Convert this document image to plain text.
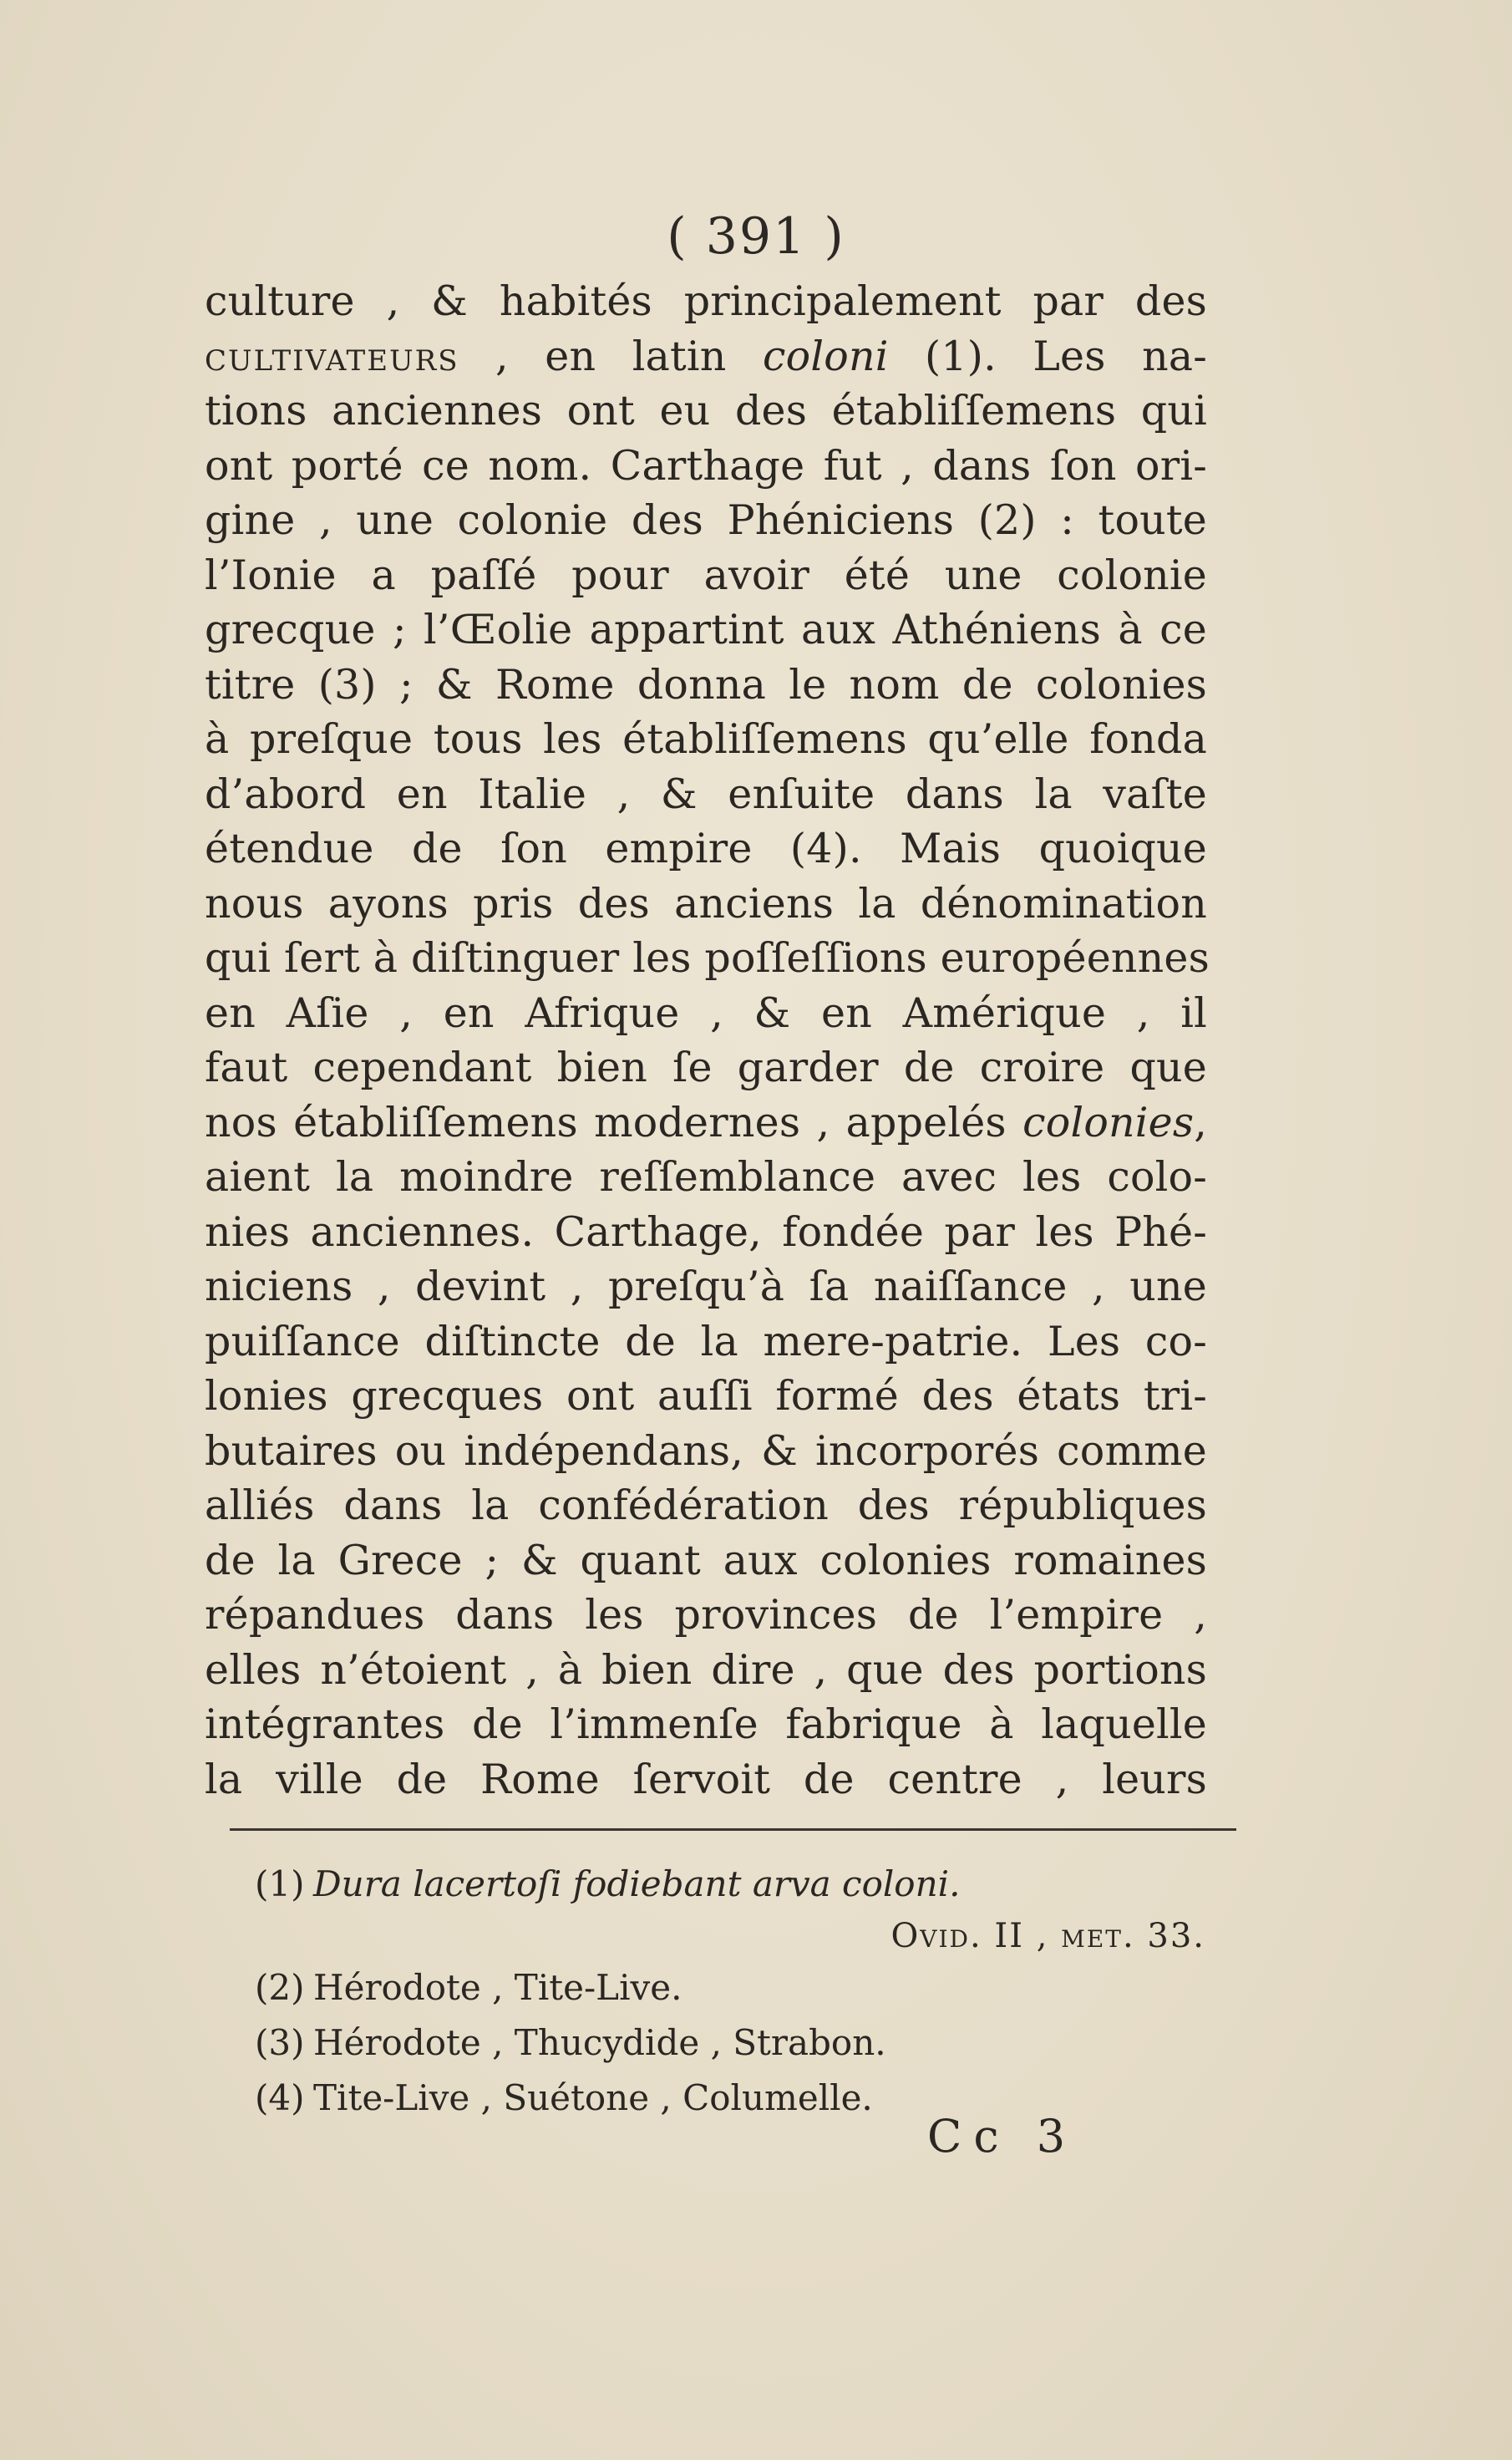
( 391 )
culture , & habités principalement par des
cultivateurs , en latin coloni (1). Les na-
tions anciennes ont eu des établiſſemens qui
ont porté ce nom. Carthage fut , dans ſon ori-
gine , une colonie des Phéniciens (2) : toute
l’Ionie a paſſé pour avoir été une colonie
grecque ; l’Œolie appartint aux Athéniens à ce
titre (3) ; & Rome donna le nom de colonies
à preſque tous les établiſſemens qu’elle fonda
d’abord en Italie , & enſuite dans la vaſte
étendue de ſon empire (4). Mais quoique
nous ayons pris des anciens la dénomination
qui ſert à diſtinguer les poſſeſſions européennes
en Aſie , en Afrique , & en Amérique , il
faut cependant bien ſe garder de croire que
nos établiſſemens modernes , appelés colonies,
aient la moindre reſſemblance avec les colo-
nies anciennes. Carthage, fondée par les Phé-
niciens , devint , preſqu’à ſa naiſſance , une
puiſſance diſtincte de la mere-patrie. Les co-
lonies grecques ont auſſi formé des états tri-
butaires ou indépendans, & incorporés comme
alliés dans la confédération des républiques
de la Grece ; & quant aux colonies romaines
répandues dans les provinces de l’empire ,
elles n’étoient , à bien dire , que des portions
intégrantes de l’immenſe fabrique à laquelle
la ville de Rome ſervoit de centre , leurs
(1) Dura lacertoſi fodiebant arva coloni.
Ovid. II , met. 33.
(2) Hérodote , Tite-Live.
(3) Hérodote , Thucydide , Strabon.
(4) Tite-Live , Suétone , Columelle.
Cc 3
